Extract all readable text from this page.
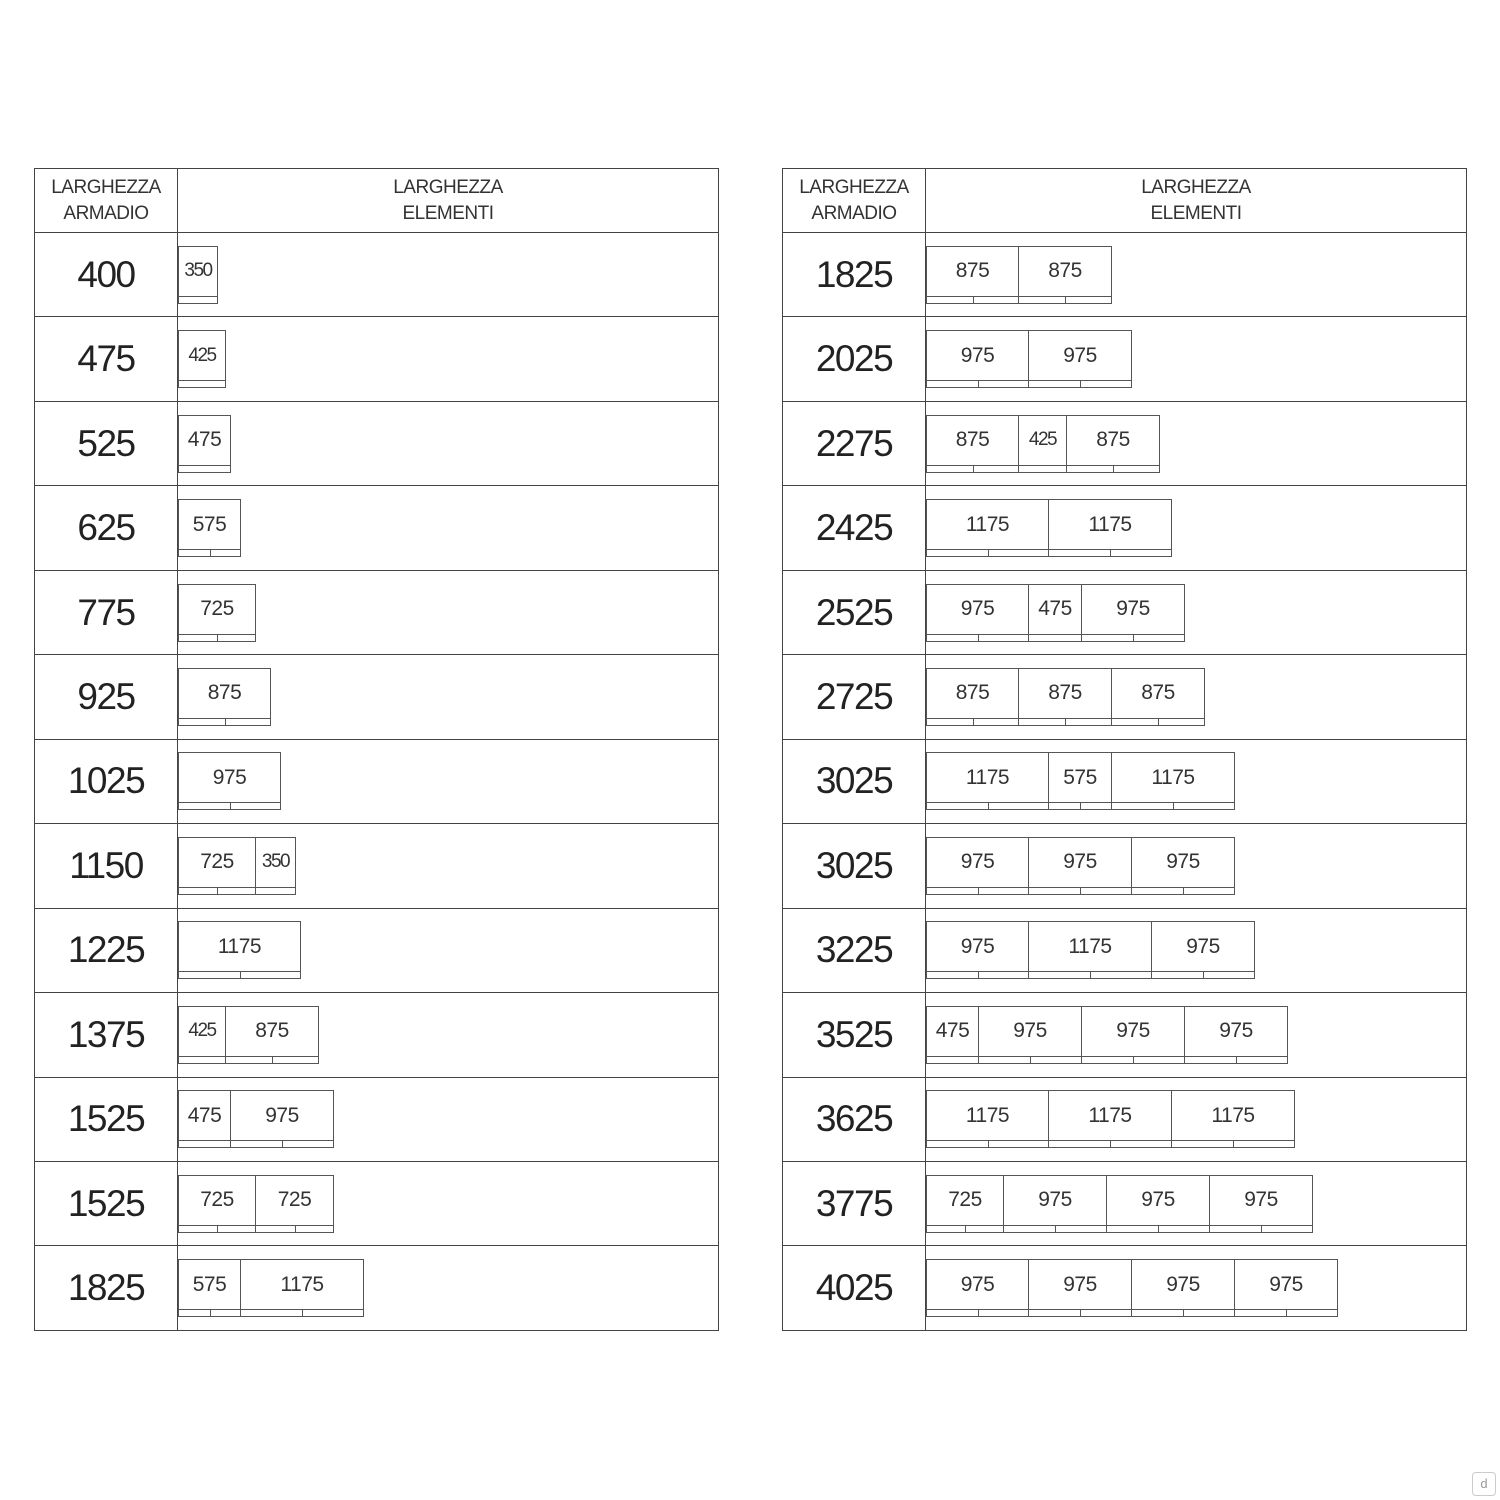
LARGHEZZA
ARMADIO	LARGHEZZA
ELEMENTI

400	350

475	425

525	475

625	575

775	725

925	875

1025	975

1150	725 350

1225	1175

1375	425 875

1525	475 975

1525	725 725

1825	575 1175
LARGHEZZA
ARMADIO	LARGHEZZA
ELEMENTI

1825	875 875

2025	975 975

2275	875 425 875

2425	1175 1175

2525	975 475 975

2725	875 875 875

3025	1175 575 1175

3025	975 975 975

3225	975 1175 975

3525	475 975 975 975

3625	1175 1175 1175

3775	725 975 975 975

4025	975 975 975 975
d
